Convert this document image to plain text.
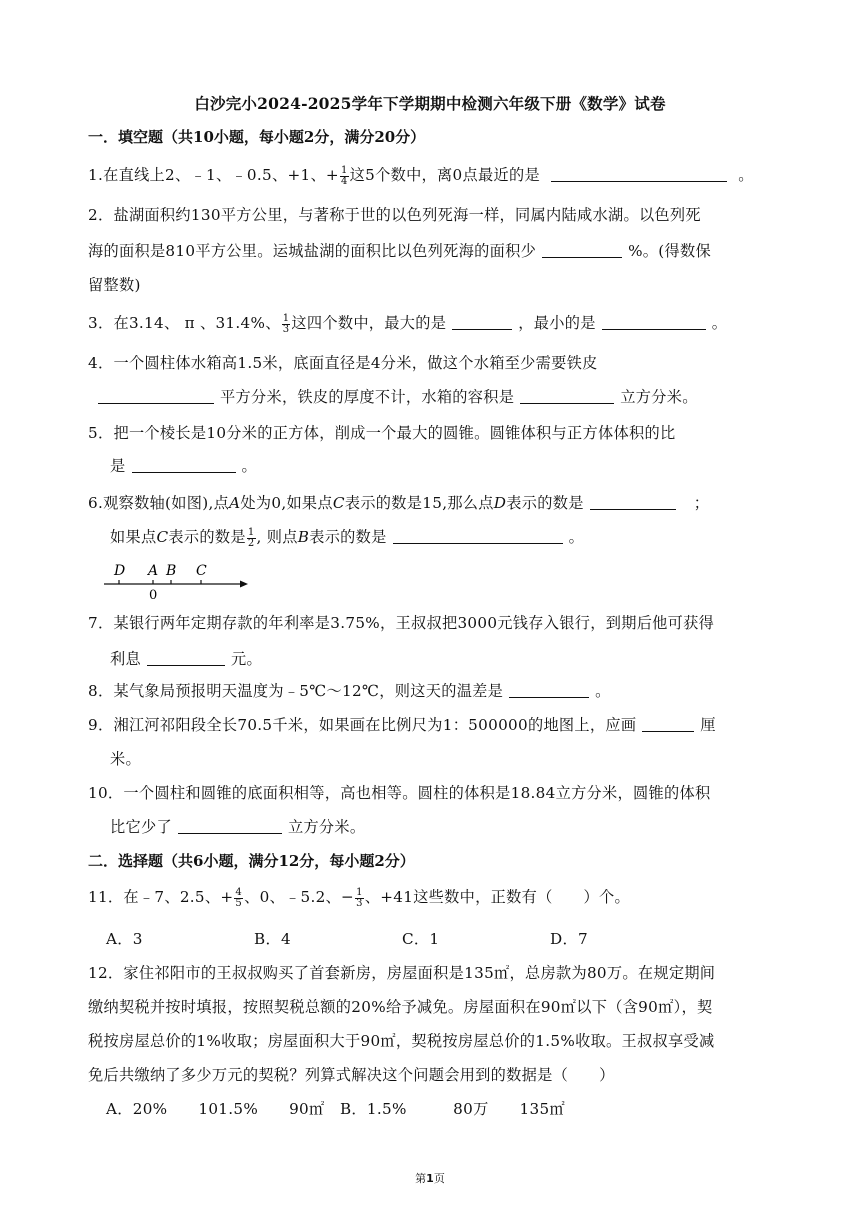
白沙完小2024-2025学年下学期期中检测六年级下册《数学》试卷
一．填空题（共10小题，每小题2分，满分20分）
1.在直线上2、﹣1、﹣0.5、+1、+ $\frac{1}{4}$ 这5个数中，离0点最近的是	。
2．盐湖面积约130平方公里，与著称于世的以色列死海一样，同属内陆咸水湖。以色列死
海的面积是810平方公里。运城盐湖的面积比以色列死海的面积少	%。(得数保
留整数)
3．在3.14、 π 、31.4%、 $\frac{1}{3}$ 这四个数中，最大的是	，最小的是	。
4．一个圆柱体水箱高1.5米，底面直径是4分米，做这个水箱至少需要铁皮
平方分米，铁皮的厚度不计，水箱的容积是	立方分米。
5．把一个棱长是10分米的正方体，削成一个最大的圆锥。圆锥体积与正方体体积的比
是	。
6.观察数轴(如图),点A处为0,如果点C表示的数是15,那么点D表示的数是	；
如果点C表示的数是 $\frac{1}{2}$ , 则点B表示的数是	。
D A B C
0
7．某银行两年定期存款的年利率是3.75%，王叔叔把3000元钱存入银行，到期后他可获得
利息	元。
8．某气象局预报明天温度为﹣5℃～12℃，则这天的温差是	。
9．湘江河祁阳段全长70.5千米，如果画在比例尺为1：500000的地图上，应画	厘
米。
10．一个圆柱和圆锥的底面积相等，高也相等。圆柱的体积是18.84立方分米，圆锥的体积
比它少了	立方分米。
二．选择题（共6小题，满分12分，每小题2分）
11．在﹣7、2.5、+ $\frac{4}{5}$ 、0、﹣5.2、− $\frac{1}{3}$ 、+41这些数中，正数有（　　）个。
A．3	B．4	C．1	D．7
12．家住祁阳市的王叔叔购买了首套新房，房屋面积是135㎡，总房款为80万。在规定期间
缴纳契税并按时填报，按照契税总额的20%给予减免。房屋面积在90㎡以下（含90㎡），契
税按房屋总价的1%收取；房屋面积大于90㎡，契税按房屋总价的1.5%收取。王叔叔享受减
免后共缴纳了多少万元的契税？列算式解决这个问题会用到的数据是（　　）
A．20%　　101.5%　　90㎡　B．1.5%　　　80万　　135㎡
第1页
